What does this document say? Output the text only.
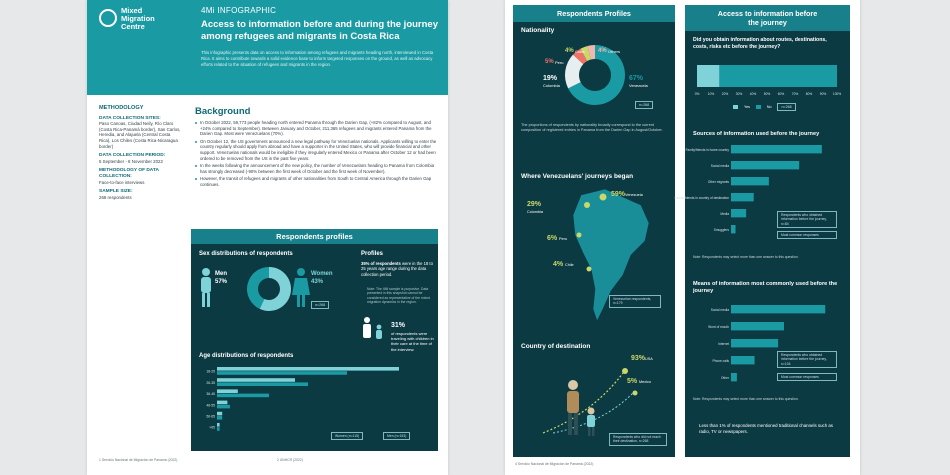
Mixed
Migration
Centre
4Mi INFOGRAPHIC
Access to information before and during the journey among refugees and migrants in Costa Rica
This infographic presents data on access to information among refugees and migrants heading north, interviewed in Costa Rica. It aims to contribute towards a solid evidence base to inform targeted responses on the ground, as well as advocacy efforts related to the situation of refugees and migrants in the region.
METHODOLOGY
DATA COLLECTION SITES:

Paso Canoas, Ciudad Neily, Río Claro (Costa Rica-Panamá border), San Carlos, Heredia, and Alajuela (Central Costa Rica), Los Chiles (Costa Rica-Nicaragua border)

DATA COLLECTION PERIOD:

5 September - 8 November 2022

METHODOLOGY OF DATA COLLECTION:

Face-to-face interviews

SAMPLE SIZE:

268 respondents

Background
In October 2022, 59,773 people heading north entered Panama through the Darien Gap, (+82% compared to August, and +24% compared to September). Between January and October, 211,365 refugees and migrants entered Panama from the Darien Gap. Most were Venezuelans (70%).
On October 12, the US government announced a new legal pathway for Venezuelan nationals. Applicants willing to enter the country regularly should apply from abroad and have a supporter in the United States, who will provide financial and other support. Venezuelan nationals would be ineligible if they irregularly entered Mexico or Panama after October 12 or had been ordered to be removed from the US in the past five years.
In the weeks following the announcement of the new policy, the number of Venezuelans heading to Panama from Colombia has strongly decreased (-90% between the first week of October and the first week of November).
However, the transit of refugees and migrants of other nationalities from South to Central America through the Darien Gap continues.
Respondents profiles
Sex distributions of respondents
Men
57%
Women
43%
n=268
Profiles
35% of respondents were in the 18 to 25 years age range during the data collection period.
Note: The 4Mi sample is purposive. Data presented in this snapshot cannot be considered as representative of the mixed migration dynamics in the region.
31%
of respondents were traveling with children in their care at the time of the interview.
Age distributions of respondents
18-25
26-35
36-45
46-55
56-65
>65
Women (n=115)	Men (n=153)
1 Servicio Nacional de Migración de Panamá (2022)	2 UNHCR (2022)
Respondents Profiles
Nationality
67%
Venezuela
19%
Colombia
5% Peru
4% Cuba 4% Others
n=268
The proportions of respondents by nationality broadly correspond to the current composition of registered entries in Panama from the Darien Gap in August/October.
Where Venezuelans' journeys began
59% Venezuela
29%
Colombia
6% Peru
4% Chile
Venezuelan respondents, n=179
Country of destination
93% USA
5% Mexico
Respondents who did not reach their destination, n=268
Access to information before the journey
Did you obtain information about routes, destinations, costs, risks etc before the journey?
0%	10% 20% 30% 40% 50% 60% 70% 80% 90% 100%
Yes	No	n=268
Sources of information used before the journey
Family/friends in home country
Social media
Other migrants
Family/friends in country of destination
Media
Smugglers
Respondents who obtained information before the journey, n=84
Most common responses
Note: Respondents may select more than one answer to this question.
Means of information most commonly used before the journey
Social media
Word of mouth
Internet
Phone calls
Other
Respondents who obtained information before the journey, n=104
Most common responses
Note: Respondents may select more than one answer to this question.
Less than 1% of respondents mentioned traditional channels such as radio, TV or newspapers.
4 Servicio Nacional de Migración de Panamá (2022)
